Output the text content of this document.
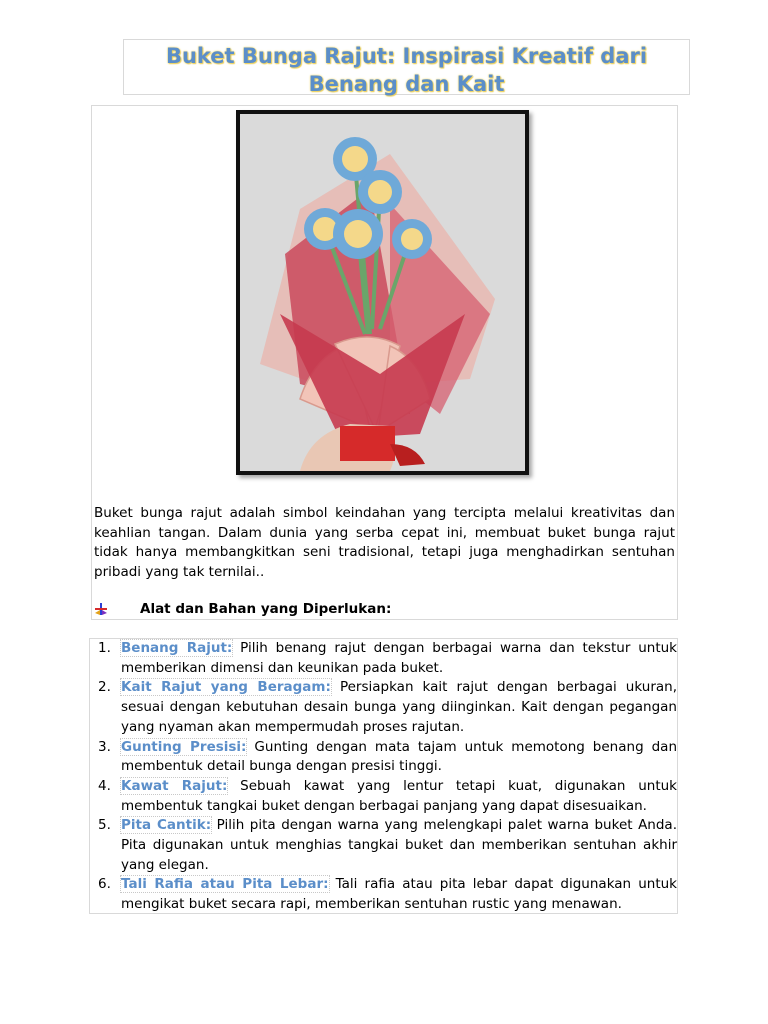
Buket Bunga Rajut: Inspirasi Kreatif dari Benang dan Kait

Buket bunga rajut adalah simbol keindahan yang tercipta melalui kreativitas dan keahlian tangan. Dalam dunia yang serba cepat ini, membuat buket bunga rajut tidak hanya membangkitkan seni tradisional, tetapi juga menghadirkan sentuhan pribadi yang tak ternilai..

Alat dan Bahan yang Diperlukan:
1. Benang Rajut: Pilih benang rajut dengan berbagai warna dan tekstur untuk memberikan dimensi dan keunikan pada buket.
2. Kait Rajut yang Beragam: Persiapkan kait rajut dengan berbagai ukuran, sesuai dengan kebutuhan desain bunga yang diinginkan. Kait dengan pegangan yang nyaman akan mempermudah proses rajutan.
3. Gunting Presisi: Gunting dengan mata tajam untuk memotong benang dan membentuk detail bunga dengan presisi tinggi.
4. Kawat Rajut: Sebuah kawat yang lentur tetapi kuat, digunakan untuk membentuk tangkai buket dengan berbagai panjang yang dapat disesuaikan.
5. Pita Cantik: Pilih pita dengan warna yang melengkapi palet warna buket Anda. Pita digunakan untuk menghias tangkai buket dan memberikan sentuhan akhir yang elegan.
6. Tali Rafia atau Pita Lebar: Tali rafia atau pita lebar dapat digunakan untuk mengikat buket secara rapi, memberikan sentuhan rustic yang menawan.
